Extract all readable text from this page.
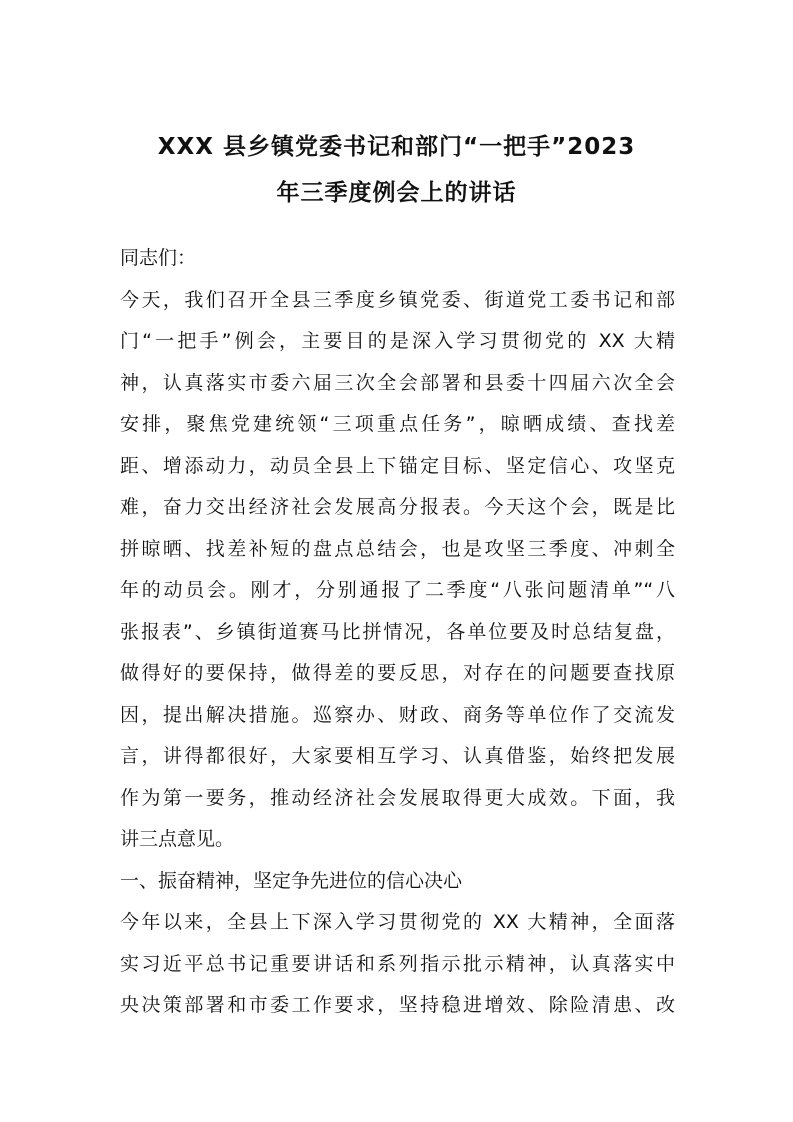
XXX 县乡镇党委书记和部门“一把手”2023
年三季度例会上的讲话
同志们：
今天，我们召开全县三季度乡镇党委、街道党工委书记和部
门“一把手”例会，主要目的是深入学习贯彻党的 XX 大精
神，认真落实市委六届三次全会部署和县委十四届六次全会
安排，聚焦党建统领“三项重点任务”，晾晒成绩、查找差
距、增添动力，动员全县上下锚定目标、坚定信心、攻坚克
难，奋力交出经济社会发展高分报表。今天这个会，既是比
拼晾晒、找差补短的盘点总结会，也是攻坚三季度、冲刺全
年的动员会。刚才，分别通报了二季度“八张问题清单”“八
张报表”、乡镇街道赛马比拼情况，各单位要及时总结复盘，
做得好的要保持，做得差的要反思，对存在的问题要查找原
因，提出解决措施。巡察办、财政、商务等单位作了交流发
言，讲得都很好，大家要相互学习、认真借鉴，始终把发展
作为第一要务，推动经济社会发展取得更大成效。下面，我
讲三点意见。
一、振奋精神，坚定争先进位的信心决心
今年以来，全县上下深入学习贯彻党的 XX 大精神，全面落
实习近平总书记重要讲话和系列指示批示精神，认真落实中
央决策部署和市委工作要求，坚持稳进增效、除险清患、改
